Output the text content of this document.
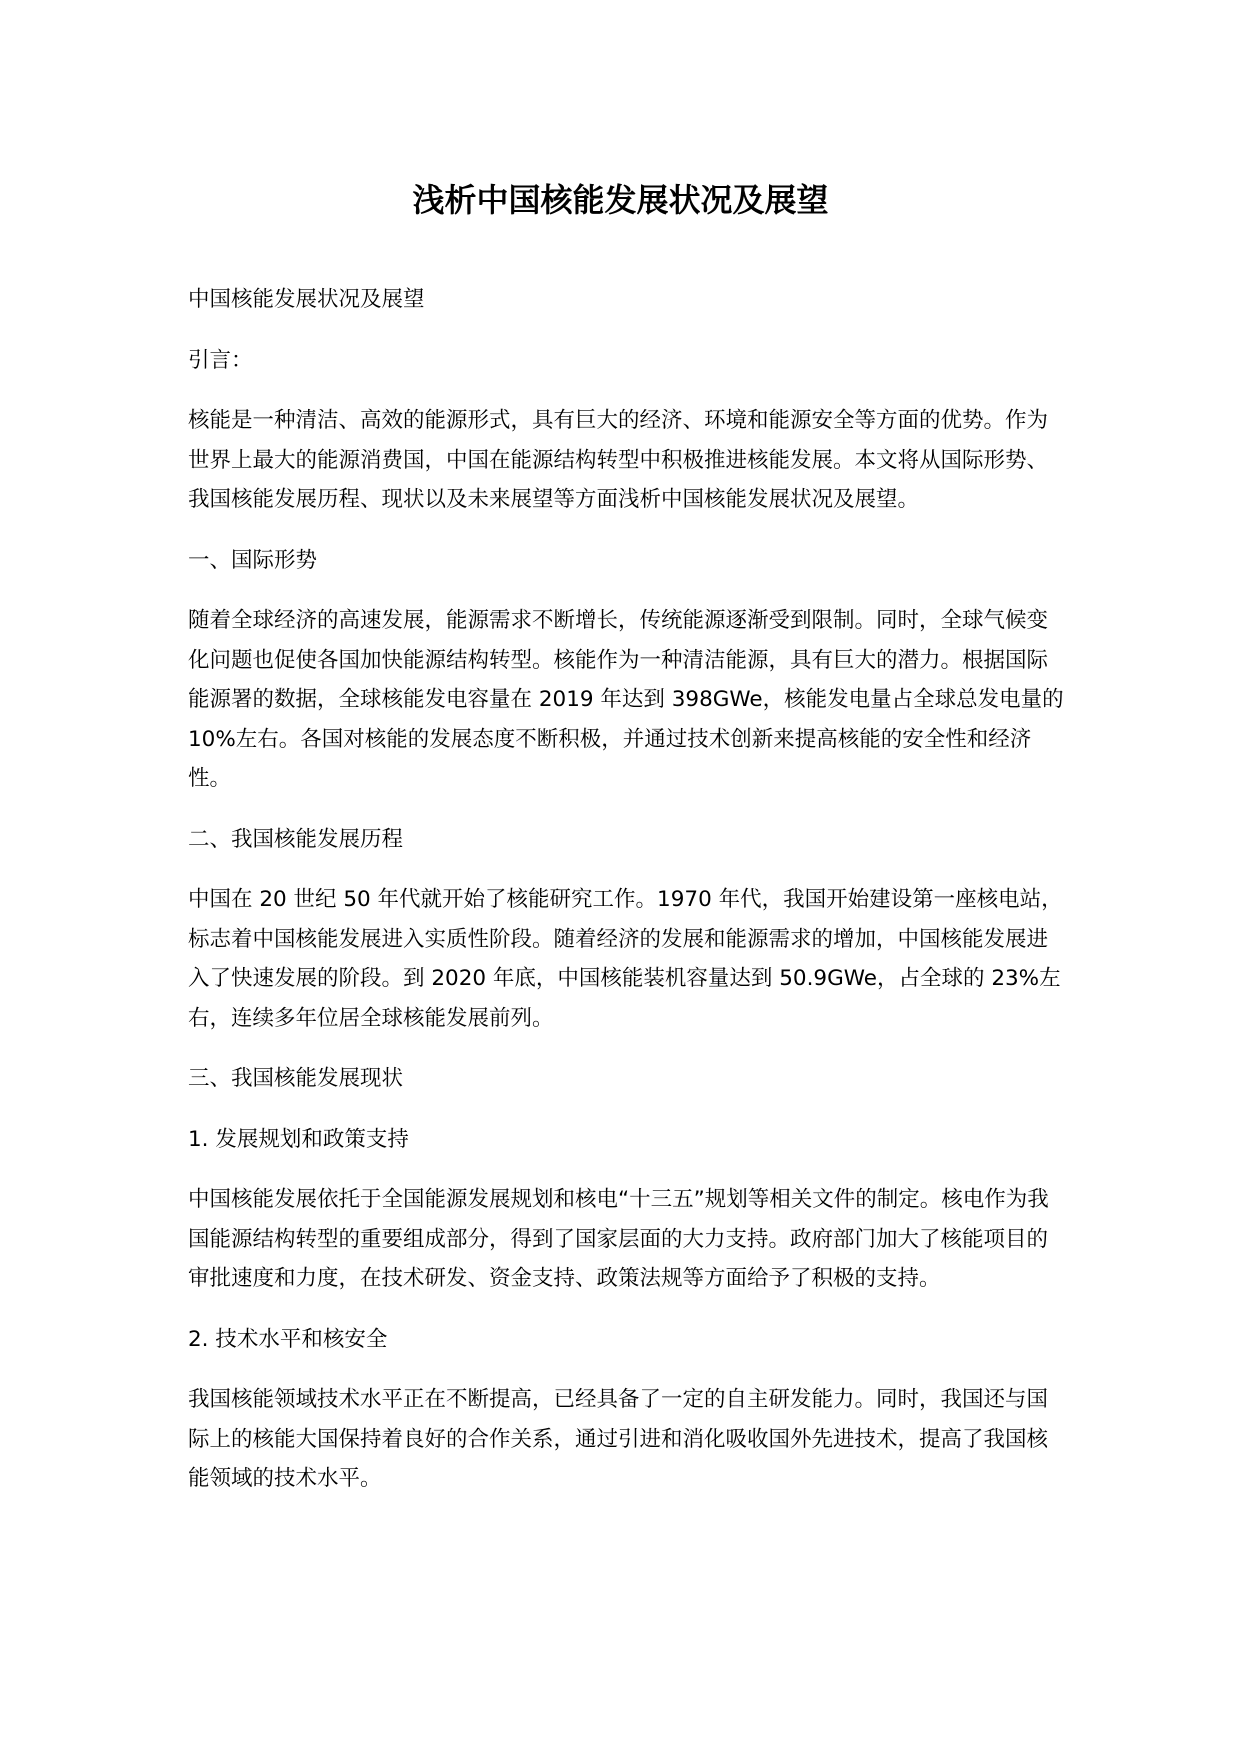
浅析中国核能发展状况及展望

中国核能发展状况及展望

引言：

核能是一种清洁、高效的能源形式，具有巨大的经济、环境和能源安全等方面的优势。作为世界上最大的能源消费国，中国在能源结构转型中积极推进核能发展。本文将从国际形势、我国核能发展历程、现状以及未来展望等方面浅析中国核能发展状况及展望。

一、国际形势

随着全球经济的高速发展，能源需求不断增长，传统能源逐渐受到限制。同时，全球气候变化问题也促使各国加快能源结构转型。核能作为一种清洁能源，具有巨大的潜力。根据国际能源署的数据，全球核能发电容量在 2019 年达到 398GWe，核能发电量占全球总发电量的 10%左右。各国对核能的发展态度不断积极，并通过技术创新来提高核能的安全性和经济性。

二、我国核能发展历程

中国在 20 世纪 50 年代就开始了核能研究工作。1970 年代，我国开始建设第一座核电站，标志着中国核能发展进入实质性阶段。随着经济的发展和能源需求的增加，中国核能发展进入了快速发展的阶段。到 2020 年底，中国核能装机容量达到 50.9GWe，占全球的 23%左右，连续多年位居全球核能发展前列。

三、我国核能发展现状

1. 发展规划和政策支持

中国核能发展依托于全国能源发展规划和核电“十三五”规划等相关文件的制定。核电作为我国能源结构转型的重要组成部分，得到了国家层面的大力支持。政府部门加大了核能项目的审批速度和力度，在技术研发、资金支持、政策法规等方面给予了积极的支持。

2. 技术水平和核安全

我国核能领域技术水平正在不断提高，已经具备了一定的自主研发能力。同时，我国还与国际上的核能大国保持着良好的合作关系，通过引进和消化吸收国外先进技术，提高了我国核能领域的技术水平。
